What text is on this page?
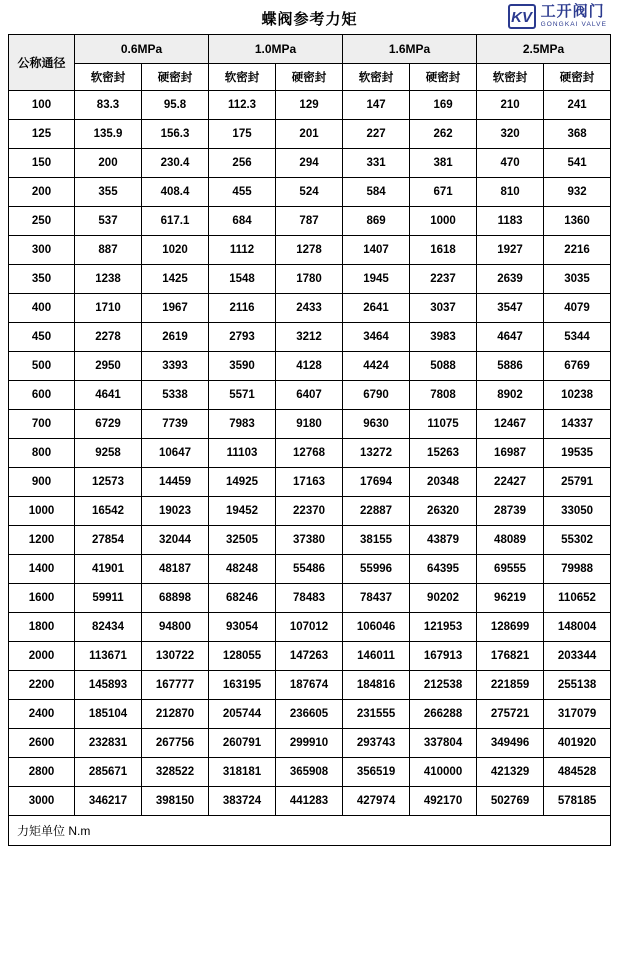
蝶阀参考力矩	KV 工开阀门
GONGKAI VALVE
公称通径	0.6MPa		1.0MPa		1.6MPa		2.5MPa	
	软密封	硬密封	软密封	硬密封	软密封	硬密封	软密封	硬密封
100	83.3	95.8	112.3	129	147	169	210	241
125	135.9	156.3	175	201	227	262	320	368
150	200	230.4	256	294	331	381	470	541
200	355	408.4	455	524	584	671	810	932
250	537	617.1	684	787	869	1000	1183	1360
300	887	1020	1112	1278	1407	1618	1927	2216
350	1238	1425	1548	1780	1945	2237	2639	3035
400	1710	1967	2116	2433	2641	3037	3547	4079
450	2278	2619	2793	3212	3464	3983	4647	5344
500	2950	3393	3590	4128	4424	5088	5886	6769
600	4641	5338	5571	6407	6790	7808	8902	10238
700	6729	7739	7983	9180	9630	11075	12467	14337
800	9258	10647	11103	12768	13272	15263	16987	19535
900	12573	14459	14925	17163	17694	20348	22427	25791
1000	16542	19023	19452	22370	22887	26320	28739	33050
1200	27854	32044	32505	37380	38155	43879	48089	55302
1400	41901	48187	48248	55486	55996	64395	69555	79988
1600	59911	68898	68246	78483	78437	90202	96219	110652
1800	82434	94800	93054	107012	106046	121953	128699	148004
2000	113671	130722	128055	147263	146011	167913	176821	203344
2200	145893	167777	163195	187674	184816	212538	221859	255138
2400	185104	212870	205744	236605	231555	266288	275721	317079
2600	232831	267756	260791	299910	293743	337804	349496	401920
2800	285671	328522	318181	365908	356519	410000	421329	484528
3000	346217	398150	383724	441283	427974	492170	502769	578185
力矩单位 N.m
